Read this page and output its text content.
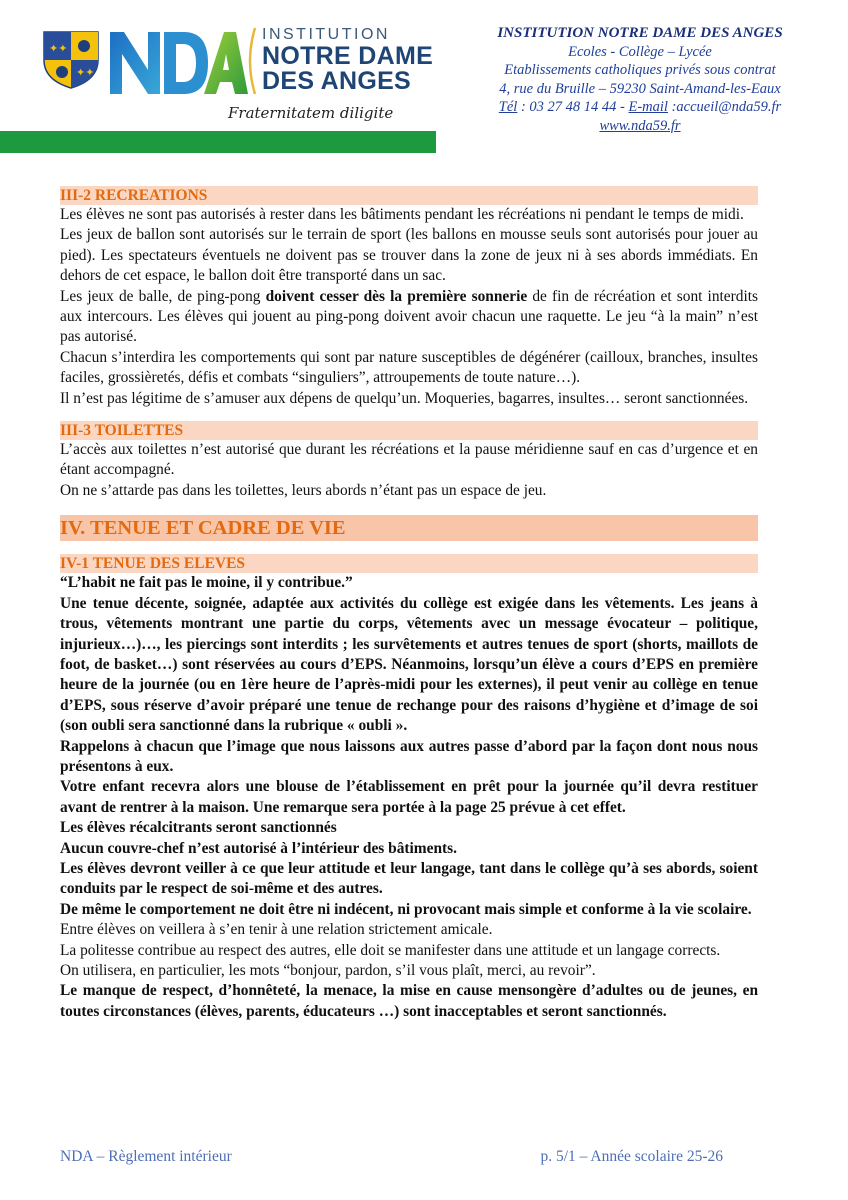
✦✦
✦✦
INSTITUTION
NOTRE DAME
DES ANGES
Fraternitatem diligite
INSTITUTION NOTRE DAME DES ANGES
Ecoles - Collège – Lycée
Etablissements catholiques privés sous contrat
4, rue du Bruille – 59230 Saint-Amand-les-Eaux
Tél : 03 27 48 14 44 - E-mail :accueil@nda59.fr
www.nda59.fr
III-2 RECREATIONS

Les élèves ne sont pas autorisés à rester dans les bâtiments pendant les récréations ni pendant le temps de midi.

Les jeux de ballon sont autorisés sur le terrain de sport (les ballons en mousse seuls sont autorisés pour jouer au pied). Les spectateurs éventuels ne doivent pas se trouver dans la zone de jeux ni à ses abords immédiats. En dehors de cet espace, le ballon doit être transporté dans un sac.

Les jeux de balle, de ping-pong doivent cesser dès la première sonnerie de fin de récréation et sont interdits aux intercours. Les élèves qui jouent au ping-pong doivent avoir chacun une raquette. Le jeu “à la main” n’est pas autorisé.

Chacun s’interdira les comportements qui sont par nature susceptibles de dégénérer (cailloux, branches, insultes faciles, grossièretés, défis et combats “singuliers”, attroupements de toute nature…).

Il n’est pas légitime de s’amuser aux dépens de quelqu’un. Moqueries, bagarres, insultes… seront sanctionnées.

III-3 TOILETTES

L’accès aux toilettes n’est autorisé que durant les récréations et la pause méridienne sauf en cas d’urgence et en étant accompagné.

On ne s’attarde pas dans les toilettes, leurs abords n’étant pas un espace de jeu.

IV. TENUE ET CADRE DE VIE
IV-1 TENUE DES ELEVES

“L’habit ne fait pas le moine, il y contribue.”

Une tenue décente, soignée, adaptée aux activités du collège est exigée dans les vêtements. Les jeans à trous, vêtements montrant une partie du corps, vêtements avec un message évocateur – politique, injurieux…)…, les piercings sont interdits ; les survêtements et autres tenues de sport (shorts, maillots de foot, de basket…) sont réservées au cours d’EPS. Néanmoins, lorsqu’un élève a cours d’EPS en première heure de la journée (ou en 1ère heure de l’après-midi pour les externes), il peut venir au collège en tenue d’EPS, sous réserve d’avoir préparé une tenue de rechange pour des raisons d’hygiène et d’image de soi (son oubli sera sanctionné dans la rubrique « oubli ».

Rappelons à chacun que l’image que nous laissons aux autres passe d’abord par la façon dont nous nous présentons à eux.

Votre enfant recevra alors une blouse de l’établissement en prêt pour la journée qu’il devra restituer avant de rentrer à la maison. Une remarque sera portée à la page 25 prévue à cet effet.

Les élèves récalcitrants seront sanctionnés

Aucun couvre-chef n’est autorisé à l’intérieur des bâtiments.

Les élèves devront veiller à ce que leur attitude et leur langage, tant dans le collège qu’à ses abords, soient conduits par le respect de soi-même et des autres.

De même le comportement ne doit être ni indécent, ni provocant mais simple et conforme à la vie scolaire.

Entre élèves on veillera à s’en tenir à une relation strictement amicale.

La politesse contribue au respect des autres, elle doit se manifester dans une attitude et un langage corrects.

On utilisera, en particulier, les mots “bonjour, pardon, s’il vous plaît, merci, au revoir”.

Le manque de respect, d’honnêteté, la menace, la mise en cause mensongère d’adultes ou de jeunes, en toutes circonstances (élèves, parents, éducateurs …) sont inacceptables et seront sanctionnés.

NDA – Règlement intérieur	p. 5/1 – Année scolaire 25-26
